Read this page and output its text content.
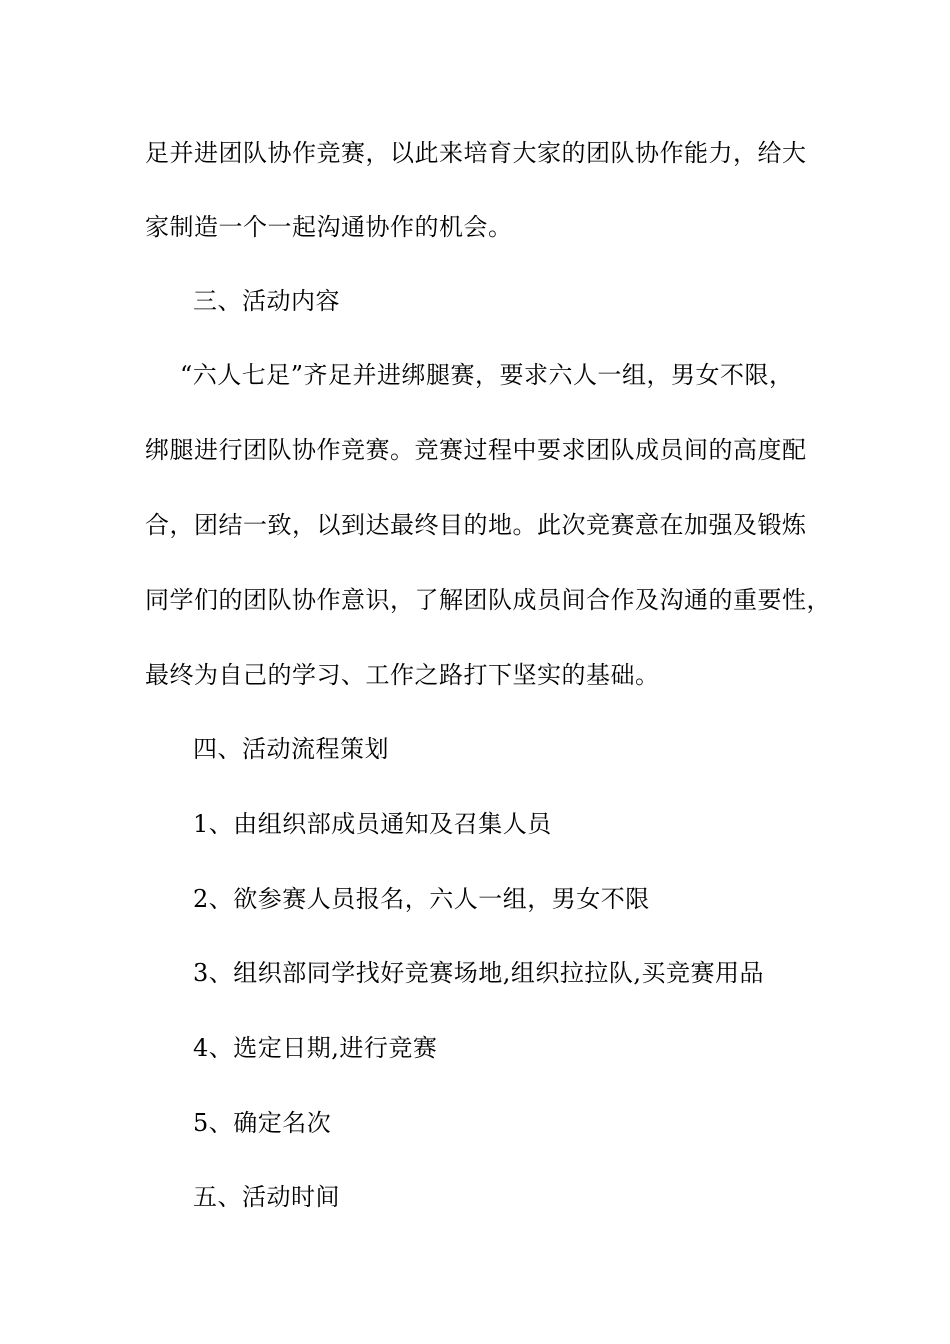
足并进团队协作竞赛，以此来培育大家的团队协作能力，给大
家制造一个一起沟通协作的机会。
三、活动内容
“六人七足”齐足并进绑腿赛，要求六人一组，男女不限，
绑腿进行团队协作竞赛。竞赛过程中要求团队成员间的高度配
合，团结一致，以到达最终目的地。此次竞赛意在加强及锻炼
同学们的团队协作意识，了解团队成员间合作及沟通的重要性，
最终为自己的学习、工作之路打下坚实的基础。
四、活动流程策划
1、由组织部成员通知及召集人员
2、欲参赛人员报名，六人一组，男女不限
3、组织部同学找好竞赛场地,组织拉拉队,买竞赛用品
4、选定日期,进行竞赛
5、确定名次
五、活动时间
